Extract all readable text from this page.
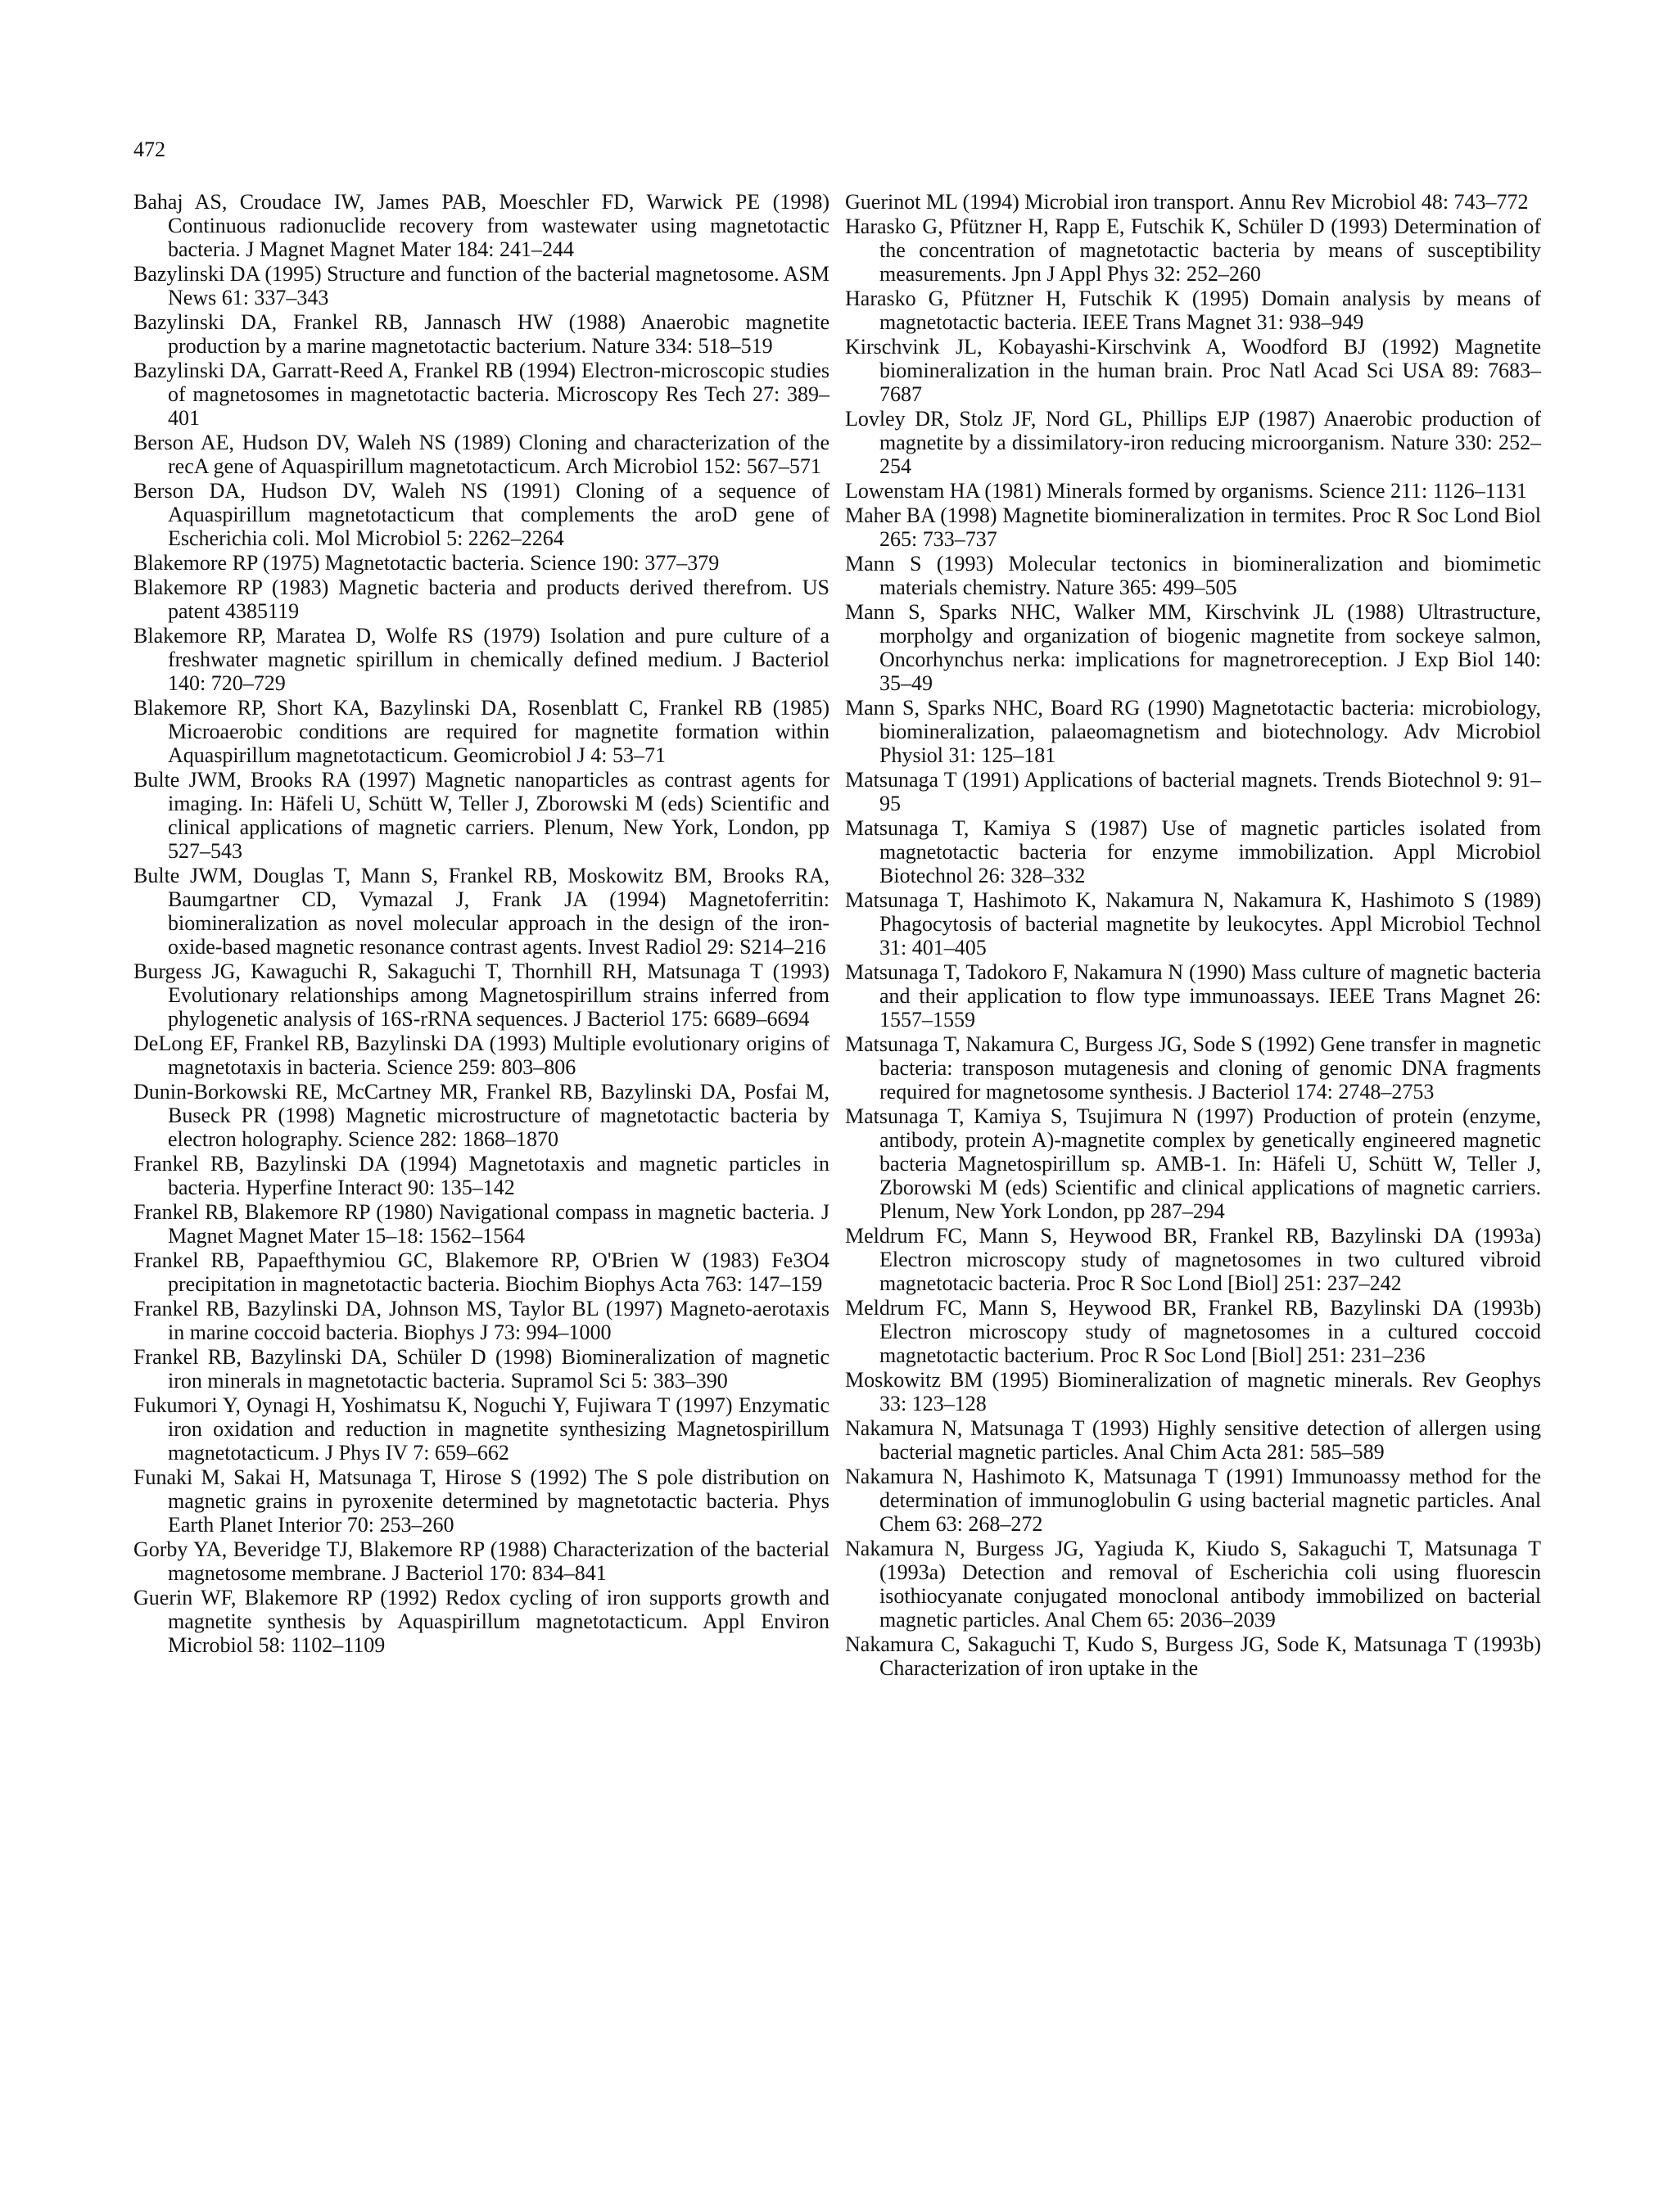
472

Bahaj AS, Croudace IW, James PAB, Moeschler FD, Warwick PE (1998) Continuous radionuclide recovery from wastewater using magnetotactic bacteria. J Magnet Magnet Mater 184: 241–244

Bazylinski DA (1995) Structure and function of the bacterial magnetosome. ASM News 61: 337–343

Bazylinski DA, Frankel RB, Jannasch HW (1988) Anaerobic magnetite production by a marine magnetotactic bacterium. Nature 334: 518–519

Bazylinski DA, Garratt-Reed A, Frankel RB (1994) Electron-microscopic studies of magnetosomes in magnetotactic bacteria. Microscopy Res Tech 27: 389–401

Berson AE, Hudson DV, Waleh NS (1989) Cloning and characterization of the recA gene of Aquaspirillum magnetotacticum. Arch Microbiol 152: 567–571

Berson DA, Hudson DV, Waleh NS (1991) Cloning of a sequence of Aquaspirillum magnetotacticum that complements the aroD gene of Escherichia coli. Mol Microbiol 5: 2262–2264

Blakemore RP (1975) Magnetotactic bacteria. Science 190: 377–379

Blakemore RP (1983) Magnetic bacteria and products derived therefrom. US patent 4385119

Blakemore RP, Maratea D, Wolfe RS (1979) Isolation and pure culture of a freshwater magnetic spirillum in chemically defined medium. J Bacteriol 140: 720–729

Blakemore RP, Short KA, Bazylinski DA, Rosenblatt C, Frankel RB (1985) Microaerobic conditions are required for magnetite formation within Aquaspirillum magnetotacticum. Geomicrobiol J 4: 53–71

Bulte JWM, Brooks RA (1997) Magnetic nanoparticles as contrast agents for imaging. In: Häfeli U, Schütt W, Teller J, Zborowski M (eds) Scientific and clinical applications of magnetic carriers. Plenum, New York, London, pp 527–543

Bulte JWM, Douglas T, Mann S, Frankel RB, Moskowitz BM, Brooks RA, Baumgartner CD, Vymazal J, Frank JA (1994) Magnetoferritin: biomineralization as novel molecular approach in the design of the iron-oxide-based magnetic resonance contrast agents. Invest Radiol 29: S214–216

Burgess JG, Kawaguchi R, Sakaguchi T, Thornhill RH, Matsunaga T (1993) Evolutionary relationships among Magnetospirillum strains inferred from phylogenetic analysis of 16S-rRNA sequences. J Bacteriol 175: 6689–6694

DeLong EF, Frankel RB, Bazylinski DA (1993) Multiple evolutionary origins of magnetotaxis in bacteria. Science 259: 803–806

Dunin-Borkowski RE, McCartney MR, Frankel RB, Bazylinski DA, Posfai M, Buseck PR (1998) Magnetic microstructure of magnetotactic bacteria by electron holography. Science 282: 1868–1870

Frankel RB, Bazylinski DA (1994) Magnetotaxis and magnetic particles in bacteria. Hyperfine Interact 90: 135–142

Frankel RB, Blakemore RP (1980) Navigational compass in magnetic bacteria. J Magnet Magnet Mater 15–18: 1562–1564

Frankel RB, Papaefthymiou GC, Blakemore RP, O'Brien W (1983) Fe3O4 precipitation in magnetotactic bacteria. Biochim Biophys Acta 763: 147–159

Frankel RB, Bazylinski DA, Johnson MS, Taylor BL (1997) Magneto-aerotaxis in marine coccoid bacteria. Biophys J 73: 994–1000

Frankel RB, Bazylinski DA, Schüler D (1998) Biomineralization of magnetic iron minerals in magnetotactic bacteria. Supramol Sci 5: 383–390

Fukumori Y, Oynagi H, Yoshimatsu K, Noguchi Y, Fujiwara T (1997) Enzymatic iron oxidation and reduction in magnetite synthesizing Magnetospirillum magnetotacticum. J Phys IV 7: 659–662

Funaki M, Sakai H, Matsunaga T, Hirose S (1992) The S pole distribution on magnetic grains in pyroxenite determined by magnetotactic bacteria. Phys Earth Planet Interior 70: 253–260

Gorby YA, Beveridge TJ, Blakemore RP (1988) Characterization of the bacterial magnetosome membrane. J Bacteriol 170: 834–841

Guerin WF, Blakemore RP (1992) Redox cycling of iron supports growth and magnetite synthesis by Aquaspirillum magnetotacticum. Appl Environ Microbiol 58: 1102–1109

Guerinot ML (1994) Microbial iron transport. Annu Rev Microbiol 48: 743–772

Harasko G, Pfützner H, Rapp E, Futschik K, Schüler D (1993) Determination of the concentration of magnetotactic bacteria by means of susceptibility measurements. Jpn J Appl Phys 32: 252–260

Harasko G, Pfützner H, Futschik K (1995) Domain analysis by means of magnetotactic bacteria. IEEE Trans Magnet 31: 938–949

Kirschvink JL, Kobayashi-Kirschvink A, Woodford BJ (1992) Magnetite biomineralization in the human brain. Proc Natl Acad Sci USA 89: 7683–7687

Lovley DR, Stolz JF, Nord GL, Phillips EJP (1987) Anaerobic production of magnetite by a dissimilatory-iron reducing microorganism. Nature 330: 252–254

Lowenstam HA (1981) Minerals formed by organisms. Science 211: 1126–1131

Maher BA (1998) Magnetite biomineralization in termites. Proc R Soc Lond Biol 265: 733–737

Mann S (1993) Molecular tectonics in biomineralization and biomimetic materials chemistry. Nature 365: 499–505

Mann S, Sparks NHC, Walker MM, Kirschvink JL (1988) Ultrastructure, morpholgy and organization of biogenic magnetite from sockeye salmon, Oncorhynchus nerka: implications for magnetroreception. J Exp Biol 140: 35–49

Mann S, Sparks NHC, Board RG (1990) Magnetotactic bacteria: microbiology, biomineralization, palaeomagnetism and biotechnology. Adv Microbiol Physiol 31: 125–181

Matsunaga T (1991) Applications of bacterial magnets. Trends Biotechnol 9: 91–95

Matsunaga T, Kamiya S (1987) Use of magnetic particles isolated from magnetotactic bacteria for enzyme immobilization. Appl Microbiol Biotechnol 26: 328–332

Matsunaga T, Hashimoto K, Nakamura N, Nakamura K, Hashimoto S (1989) Phagocytosis of bacterial magnetite by leukocytes. Appl Microbiol Technol 31: 401–405

Matsunaga T, Tadokoro F, Nakamura N (1990) Mass culture of magnetic bacteria and their application to flow type immunoassays. IEEE Trans Magnet 26: 1557–1559

Matsunaga T, Nakamura C, Burgess JG, Sode S (1992) Gene transfer in magnetic bacteria: transposon mutagenesis and cloning of genomic DNA fragments required for magnetosome synthesis. J Bacteriol 174: 2748–2753

Matsunaga T, Kamiya S, Tsujimura N (1997) Production of protein (enzyme, antibody, protein A)-magnetite complex by genetically engineered magnetic bacteria Magnetospirillum sp. AMB-1. In: Häfeli U, Schütt W, Teller J, Zborowski M (eds) Scientific and clinical applications of magnetic carriers. Plenum, New York London, pp 287–294

Meldrum FC, Mann S, Heywood BR, Frankel RB, Bazylinski DA (1993a) Electron microscopy study of magnetosomes in two cultured vibroid magnetotacic bacteria. Proc R Soc Lond [Biol] 251: 237–242

Meldrum FC, Mann S, Heywood BR, Frankel RB, Bazylinski DA (1993b) Electron microscopy study of magnetosomes in a cultured coccoid magnetotactic bacterium. Proc R Soc Lond [Biol] 251: 231–236

Moskowitz BM (1995) Biomineralization of magnetic minerals. Rev Geophys 33: 123–128

Nakamura N, Matsunaga T (1993) Highly sensitive detection of allergen using bacterial magnetic particles. Anal Chim Acta 281: 585–589

Nakamura N, Hashimoto K, Matsunaga T (1991) Immunoassy method for the determination of immunoglobulin G using bacterial magnetic particles. Anal Chem 63: 268–272

Nakamura N, Burgess JG, Yagiuda K, Kiudo S, Sakaguchi T, Matsunaga T (1993a) Detection and removal of Escherichia coli using fluorescin isothiocyanate conjugated monoclonal antibody immobilized on bacterial magnetic particles. Anal Chem 65: 2036–2039

Nakamura C, Sakaguchi T, Kudo S, Burgess JG, Sode K, Matsunaga T (1993b) Characterization of iron uptake in the
